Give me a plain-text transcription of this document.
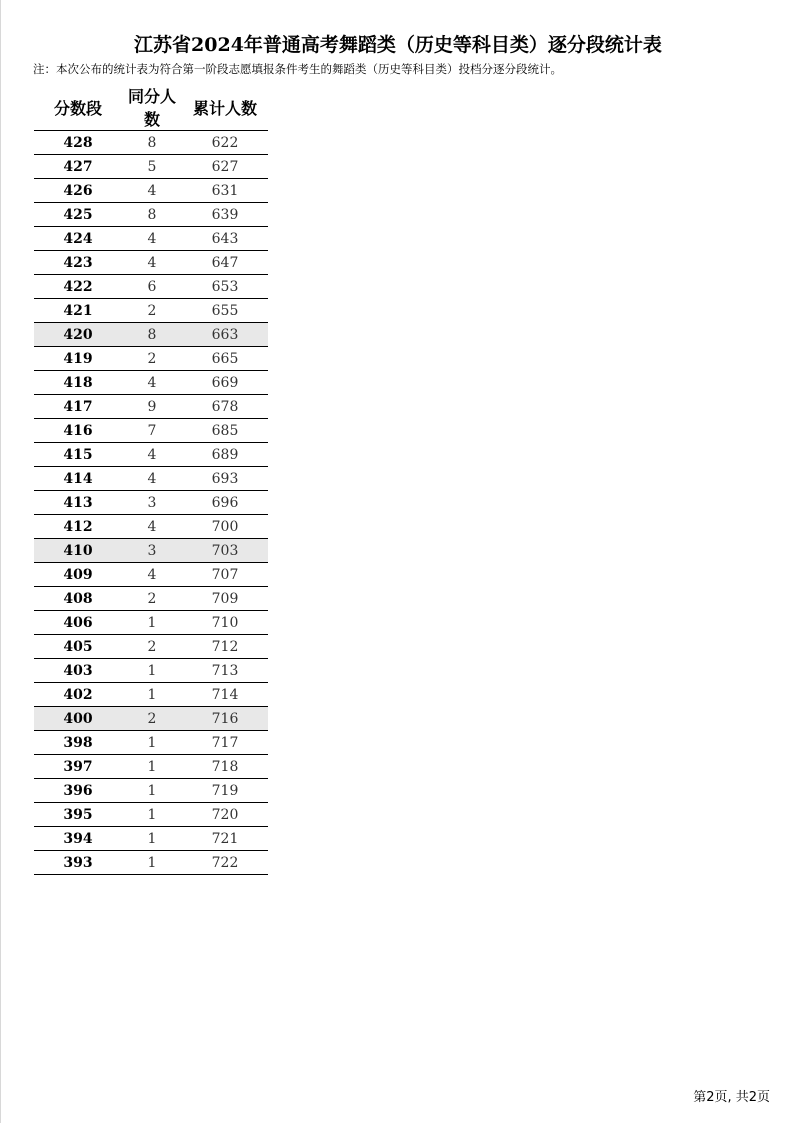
江苏省2024年普通高考舞蹈类（历史等科目类）逐分段统计表
注：本次公布的统计表为符合第一阶段志愿填报条件考生的舞蹈类（历史等科目类）投档分逐分段统计。
分数段	同分人数	累计人数
428	8	622
427	5	627
426	4	631
425	8	639
424	4	643
423	4	647
422	6	653
421	2	655
420	8	663
419	2	665
418	4	669
417	9	678
416	7	685
415	4	689
414	4	693
413	3	696
412	4	700
410	3	703
409	4	707
408	2	709
406	1	710
405	2	712
403	1	713
402	1	714
400	2	716
398	1	717
397	1	718
396	1	719
395	1	720
394	1	721
393	1	722
第2页, 共2页
